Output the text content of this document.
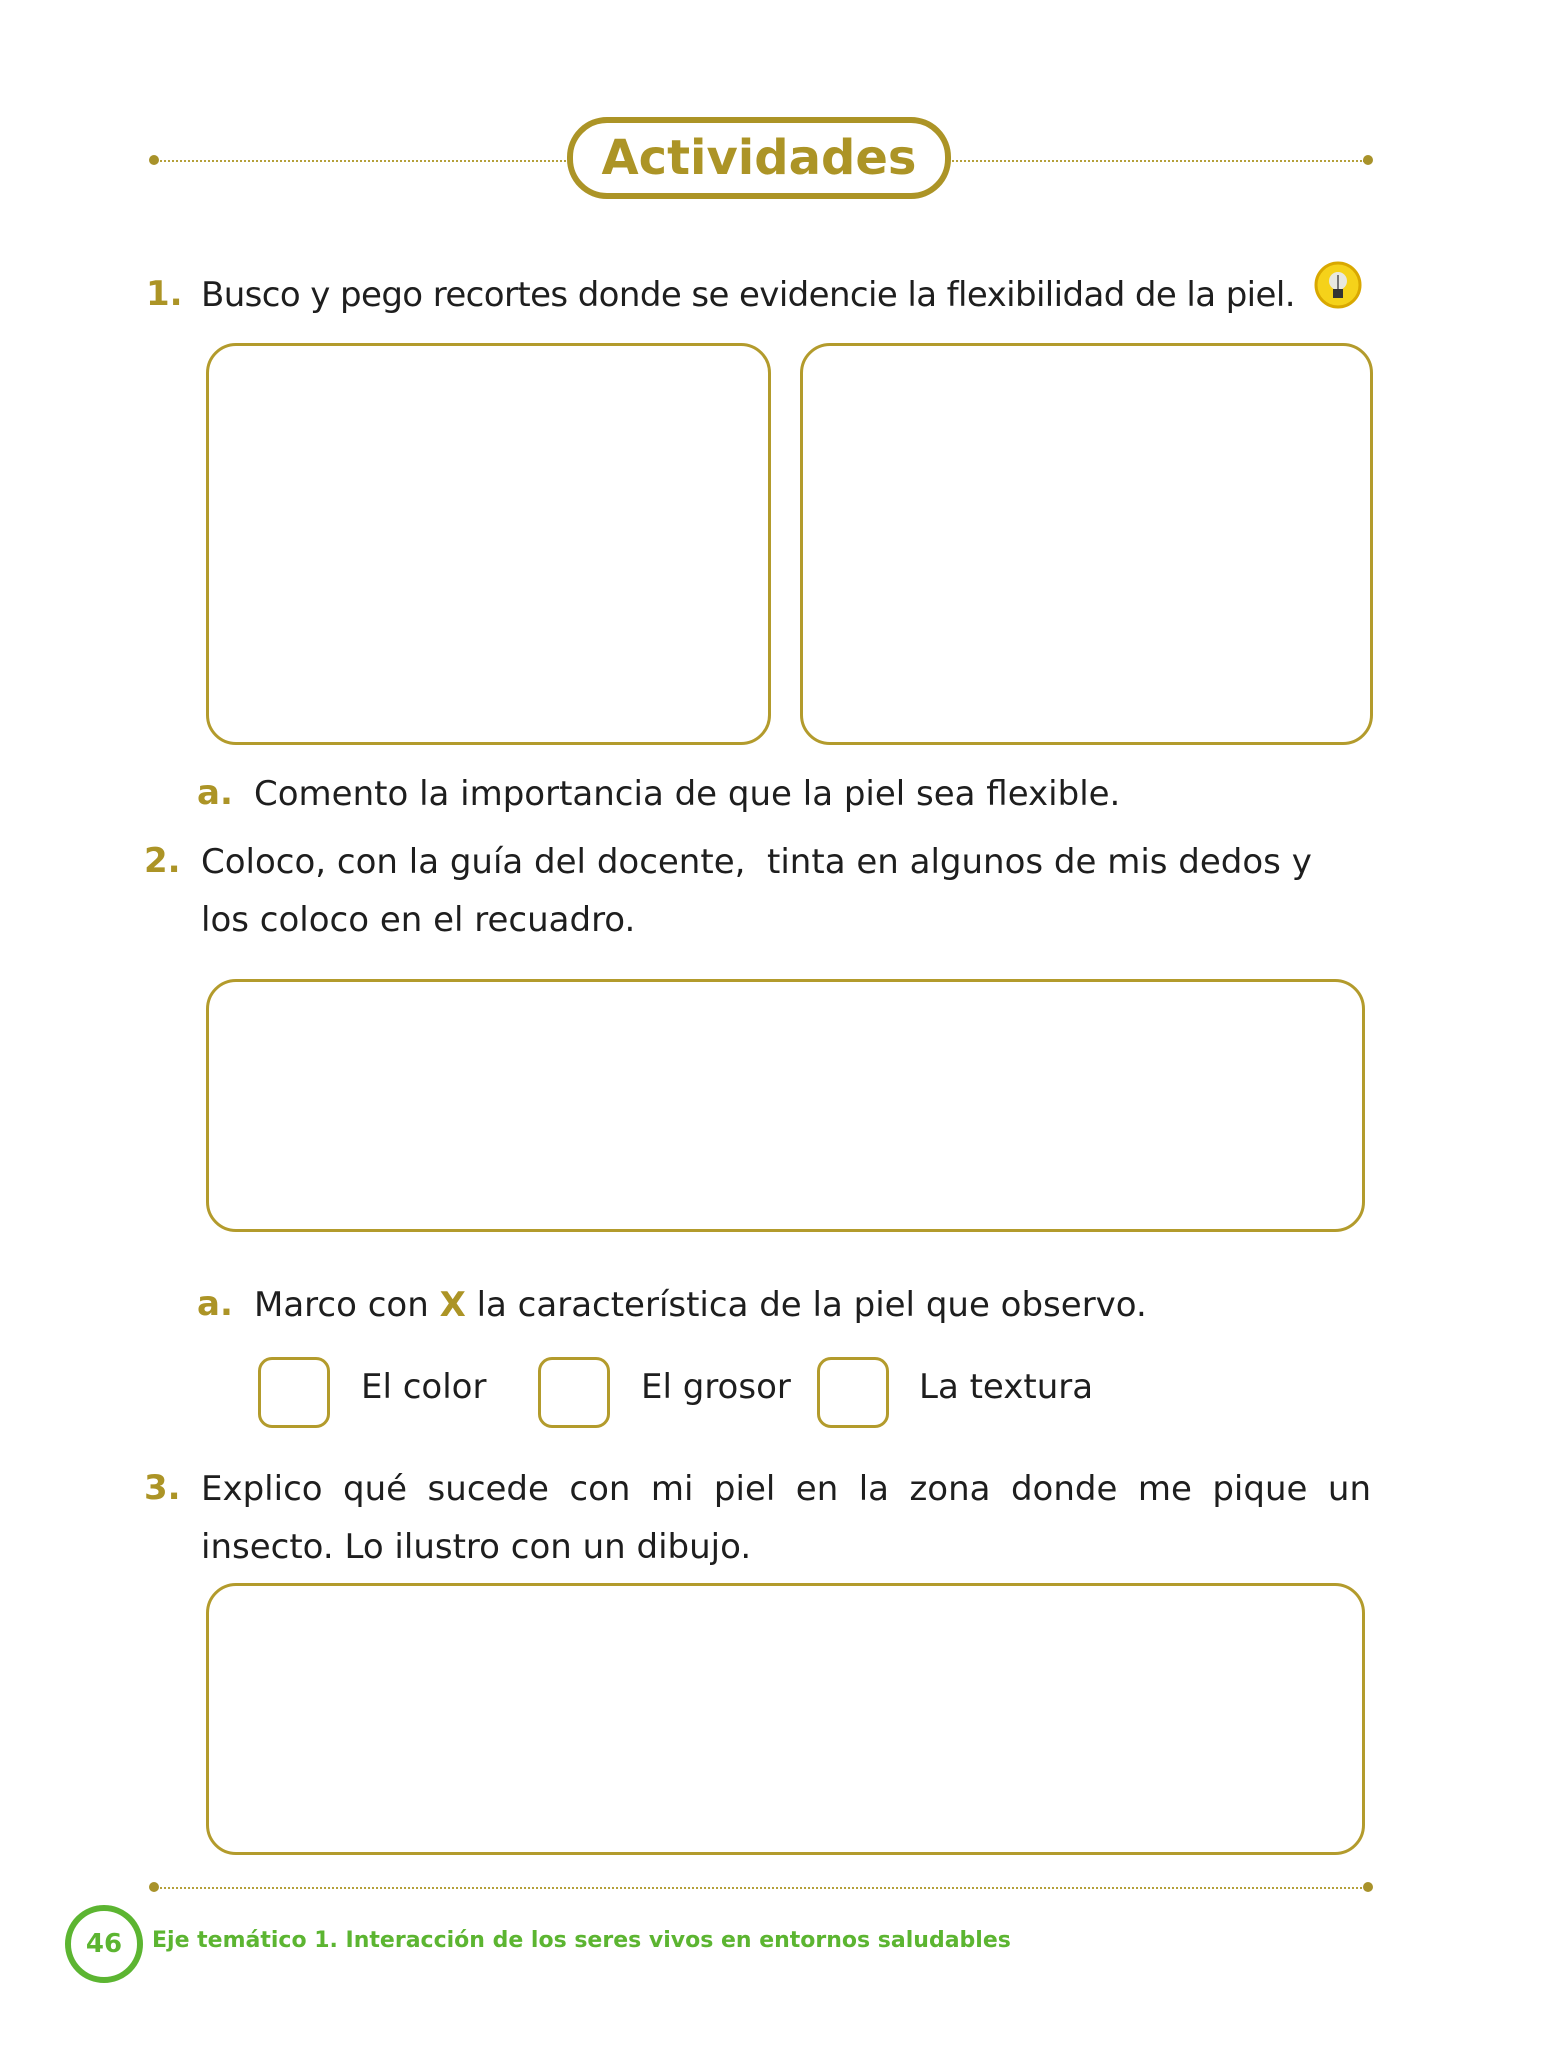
Actividades
1. Busco y pego recortes donde se evidencie la flexibilidad de la piel.
a. Comento la importancia de que la piel sea flexible.
2. Coloco, con la guía del docente,  tinta en algunos de mis dedos y
los coloco en el recuadro.
a. Marco con X la característica de la piel que observo.
El color	El grosor	La textura
3. Explico qué sucede con mi piel en la zona donde me pique un
insecto. Lo ilustro con un dibujo.
46 Eje temático 1. Interacción de los seres vivos en entornos saludables
